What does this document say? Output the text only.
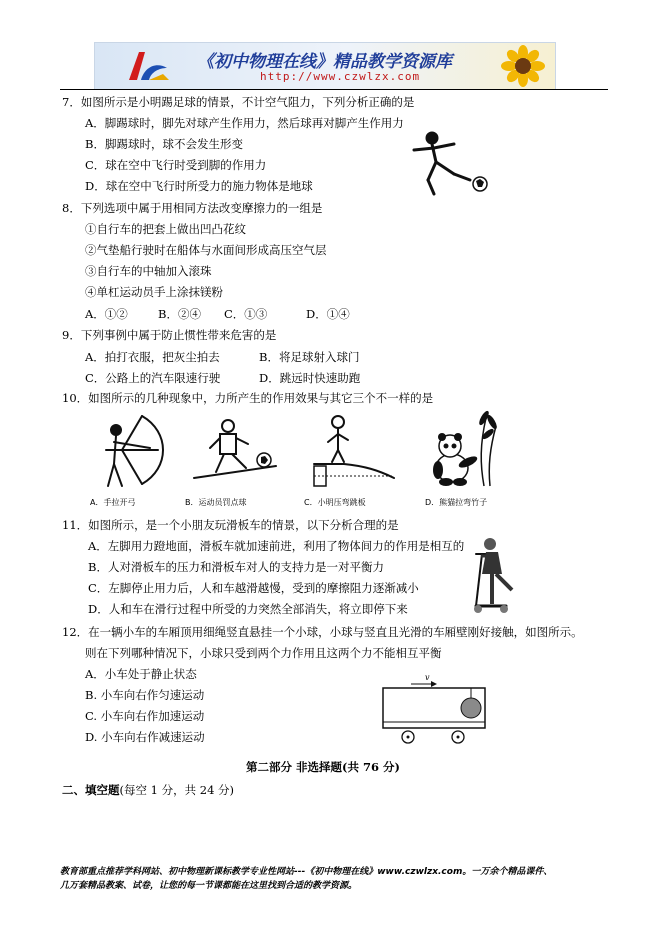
《初中物理在线》精品教学资源库
http://www.czwlzx.com
7．如图所示是小明踢足球的情景，不计空气阻力，下列分析正确的是
A．脚踢球时，脚先对球产生作用力，然后球再对脚产生作用力
B．脚踢球时，球不会发生形变
C．球在空中飞行时受到脚的作用力
D．球在空中飞行时所受力的施力物体是地球
8．下列选项中属于用相同方法改变摩擦力的一组是
①自行车的把套上做出凹凸花纹
②气垫船行驶时在船体与水面间形成高压空气层
③自行车的中轴加入滚珠
④单杠运动员手上涂抹镁粉
A．①②	B．②④ C．①③	D．①④
9．下列事例中属于防止惯性带来危害的是
A．拍打衣服，把灰尘拍去	B．将足球射入球门
C．公路上的汽车限速行驶	D．跳远时快速助跑
10．如图所示的几种现象中，力所产生的作用效果与其它三个不一样的是
A．手拉开弓	B．运动员罚点球	C．小明压弯跳板	D．熊猫拉弯竹子
11．如图所示，是一个小朋友玩滑板车的情景，以下分析合理的是
A．左脚用力蹬地面，滑板车就加速前进，利用了物体间力的作用是相互的
B．人对滑板车的压力和滑板车对人的支持力是一对平衡力
C．左脚停止用力后，人和车越滑越慢，受到的摩擦阻力逐渐减小
D．人和车在滑行过程中所受的力突然全部消失，将立即停下来
12．在一辆小车的车厢顶用细绳竖直悬挂一个小球，小球与竖直且光滑的车厢壁刚好接触，如图所示。
则在下列哪种情况下，小球只受到两个力作用且这两个力不能相互平衡
A．小车处于静止状态
B. 小车向右作匀速运动
C. 小车向右作加速运动
D. 小车向右作减速运动
v
第二部分 非选择题(共 76 分)
二、填空题(每空 1 分，共 24 分)
教育部重点推荐学科网站、初中物理新课标教学专业性网站---《初中物理在线》www.czwlzx.com。一万余个精品课件、
几万套精品教案、试卷，让您的每一节课都能在这里找到合适的教学资源。
